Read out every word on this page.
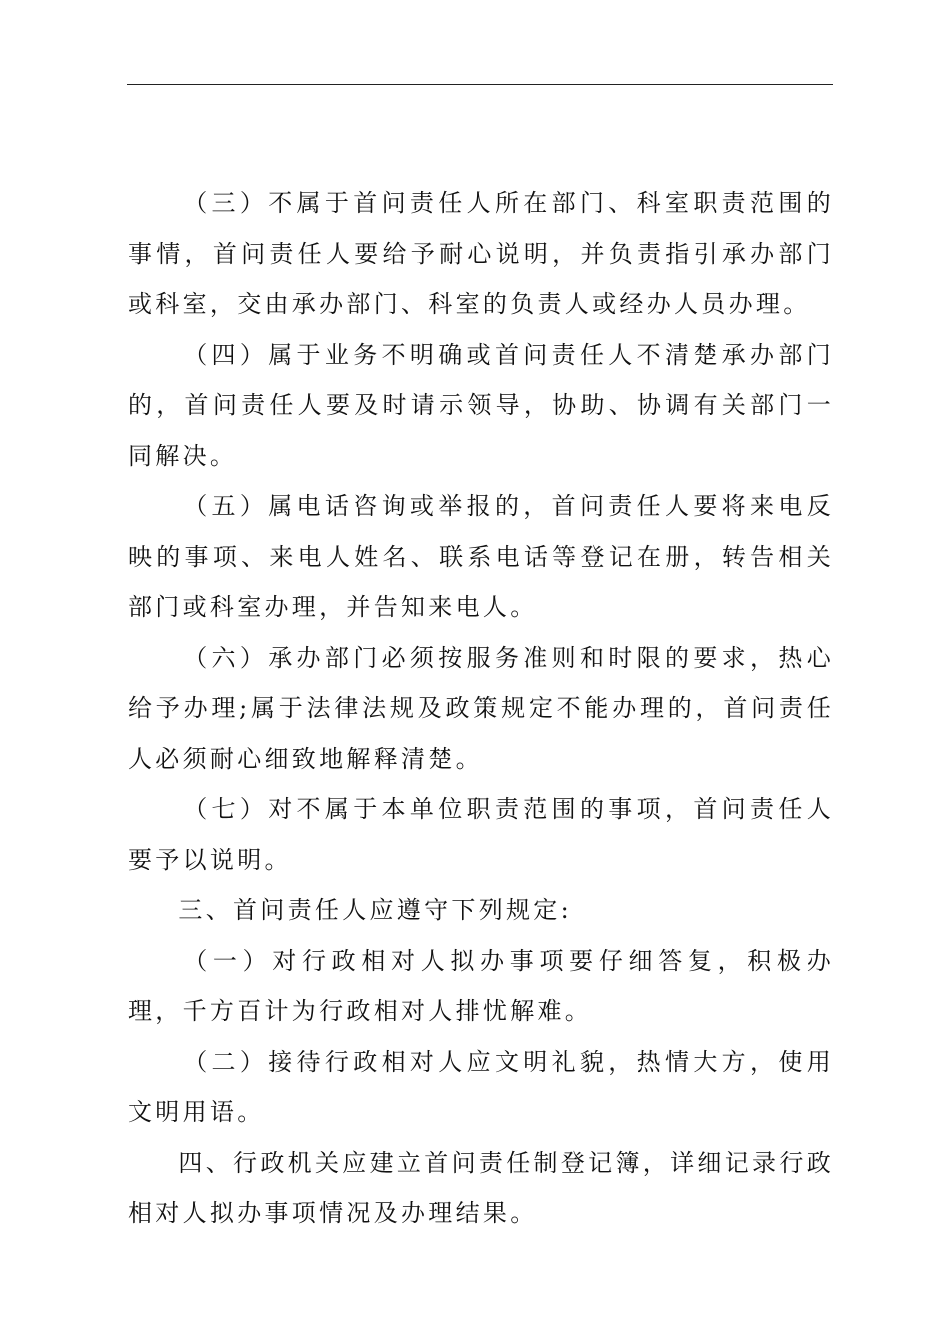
（三）不属于首问责任人所在部门、科室职责范围的事情，首问责任人要给予耐心说明，并负责指引承办部门或科室，交由承办部门、科室的负责人或经办人员办理。

（四）属于业务不明确或首问责任人不清楚承办部门的，首问责任人要及时请示领导，协助、协调有关部门一同解决。

（五）属电话咨询或举报的，首问责任人要将来电反映的事项、来电人姓名、联系电话等登记在册，转告相关部门或科室办理，并告知来电人。

（六）承办部门必须按服务准则和时限的要求，热心给予办理;属于法律法规及政策规定不能办理的，首问责任人必须耐心细致地解释清楚。

（七）对不属于本单位职责范围的事项，首问责任人要予以说明。

三、首问责任人应遵守下列规定:

（一）对行政相对人拟办事项要仔细答复，积极办理，千方百计为行政相对人排忧解难。

（二）接待行政相对人应文明礼貌，热情大方，使用文明用语。

四、行政机关应建立首问责任制登记簿，详细记录行政相对人拟办事项情况及办理结果。
